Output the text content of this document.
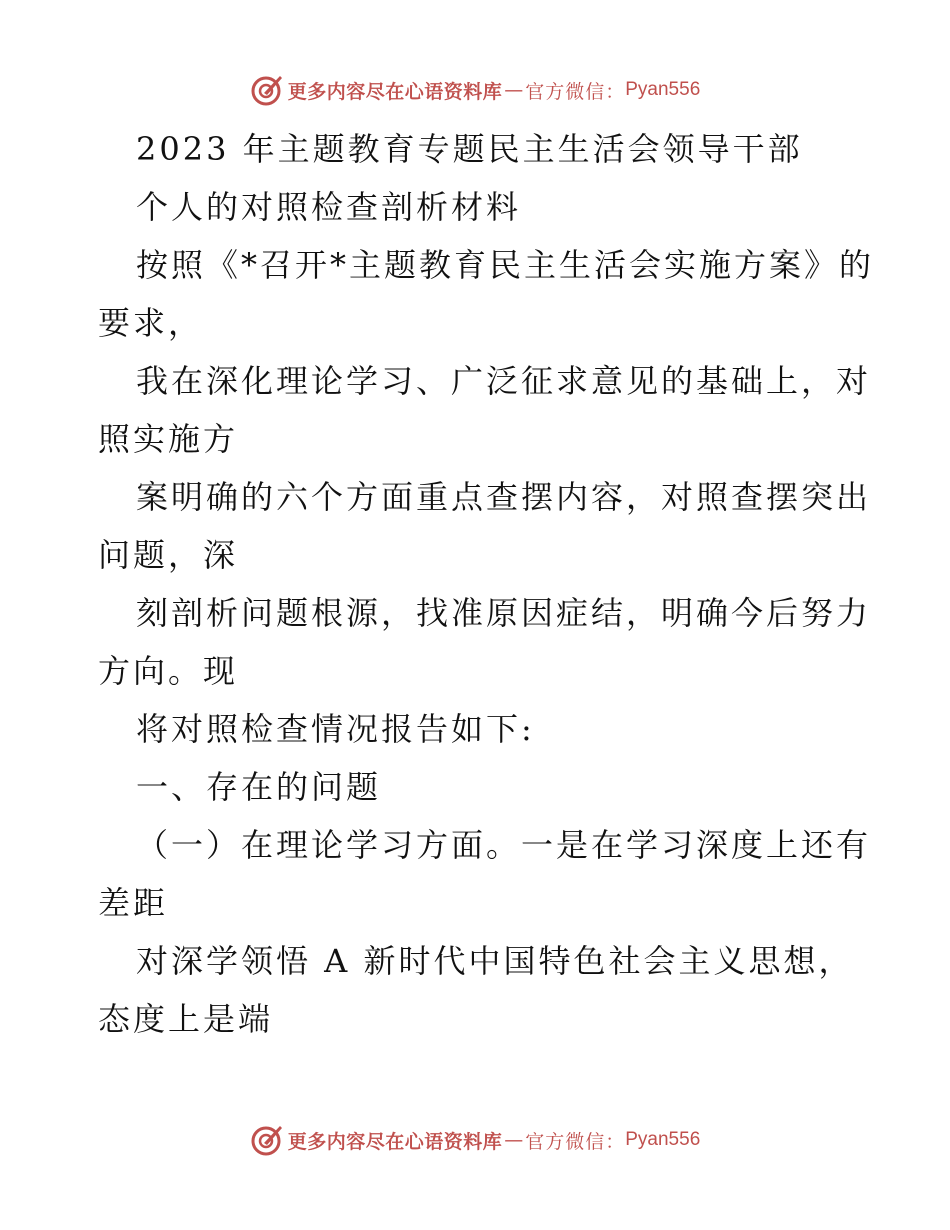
更多内容尽在心语资料库 — 官方微信： Pyan556
2023 年主题教育专题民主生活会领导干部
个人的对照检查剖析材料
按照《*召开*主题教育民主生活会实施方案》的
要求，
我在深化理论学习、广泛征求意见的基础上，对
照实施方
案明确的六个方面重点查摆内容，对照查摆突出
问题，深
刻剖析问题根源，找准原因症结，明确今后努力
方向。现
将对照检查情况报告如下:
一、存在的问题
（一）在理论学习方面。一是在学习深度上还有
差距
对深学领悟 A 新时代中国特色社会主义思想，
态度上是端
更多内容尽在心语资料库 — 官方微信： Pyan556
